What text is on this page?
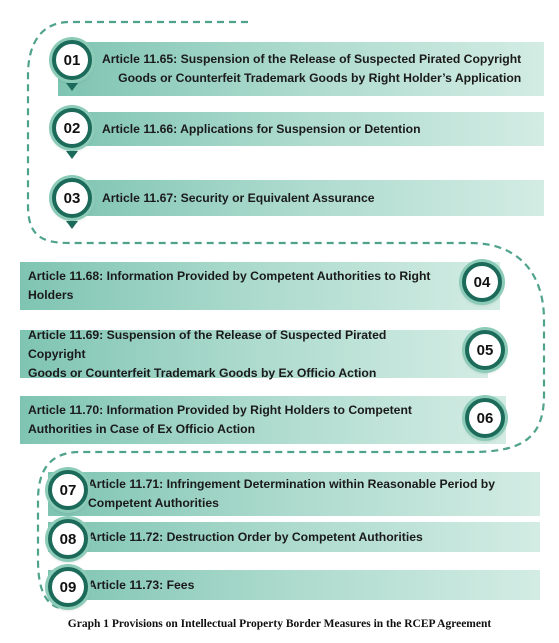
Article 11.65: Suspension of the Release of Suspected Pirated Copyright
Goods or Counterfeit Trademark Goods by Right Holder’s Application
01
Article 11.66: Applications for Suspension or Detention
02
Article 11.67: Security or Equivalent Assurance
03
Article 11.68: Information Provided by Competent Authorities to Right
Holders
04
Article 11.69: Suspension of the Release of Suspected Pirated Copyright
Goods or Counterfeit Trademark Goods by Ex Officio Action
05
Article 11.70: Information Provided by Right Holders to Competent
Authorities in Case of Ex Officio Action
06
Article 11.71: Infringement Determination within Reasonable Period by
Competent Authorities
07
Article 11.72: Destruction Order by Competent Authorities
08
Article 11.73: Fees
09
Graph 1 Provisions on Intellectual Property Border Measures in the RCEP Agreement
